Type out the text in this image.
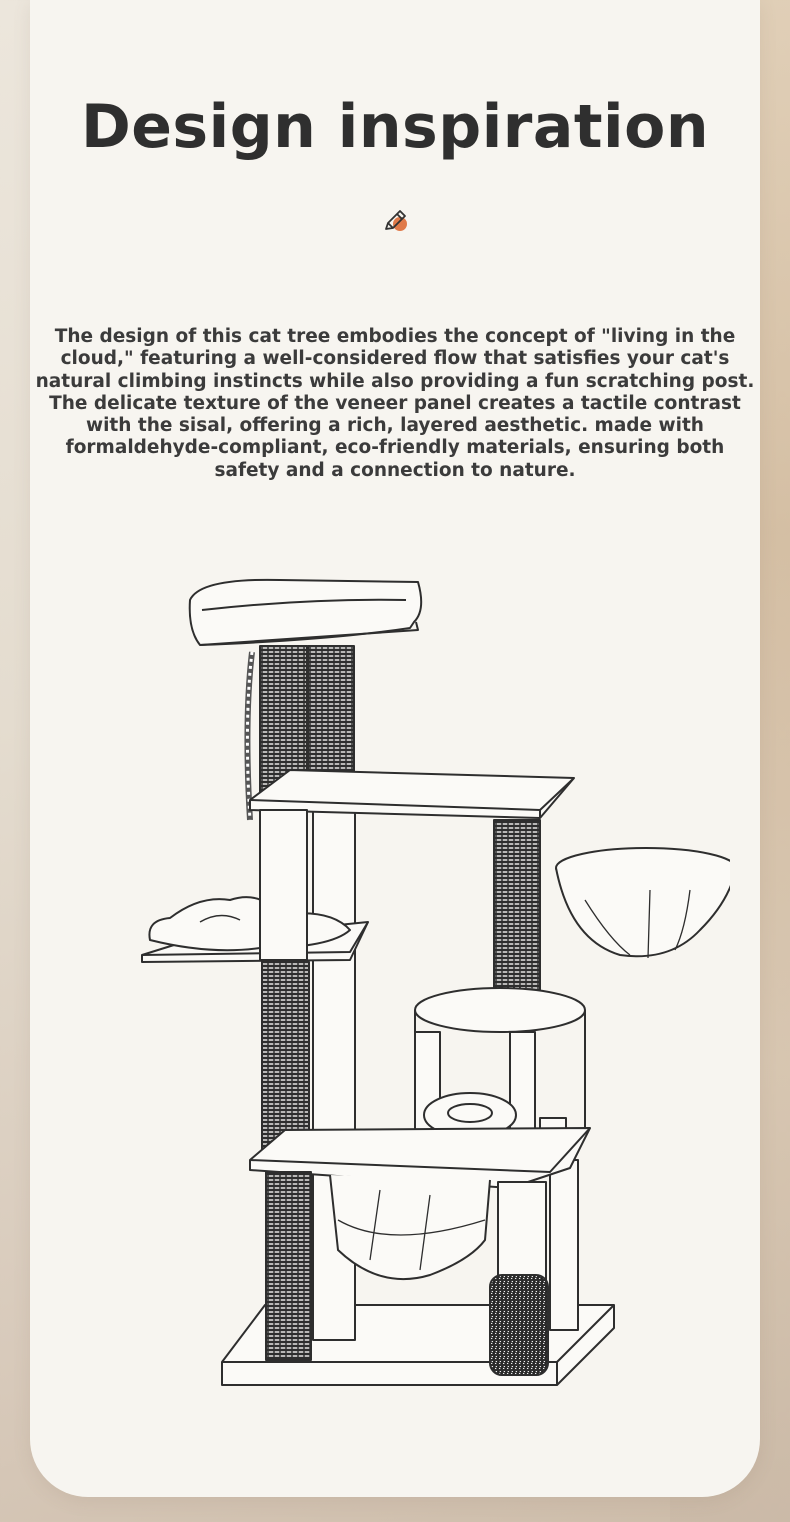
Design inspiration

The design of this cat tree embodies the concept of "living in the cloud," featuring a well-considered flow that satisfies your cat's natural climbing instincts while also providing a fun scratching post. The delicate texture of the veneer panel creates a tactile contrast with the sisal, offering a rich, layered aesthetic. made with formaldehyde-compliant, eco-friendly materials, ensuring both safety and a connection to nature.
